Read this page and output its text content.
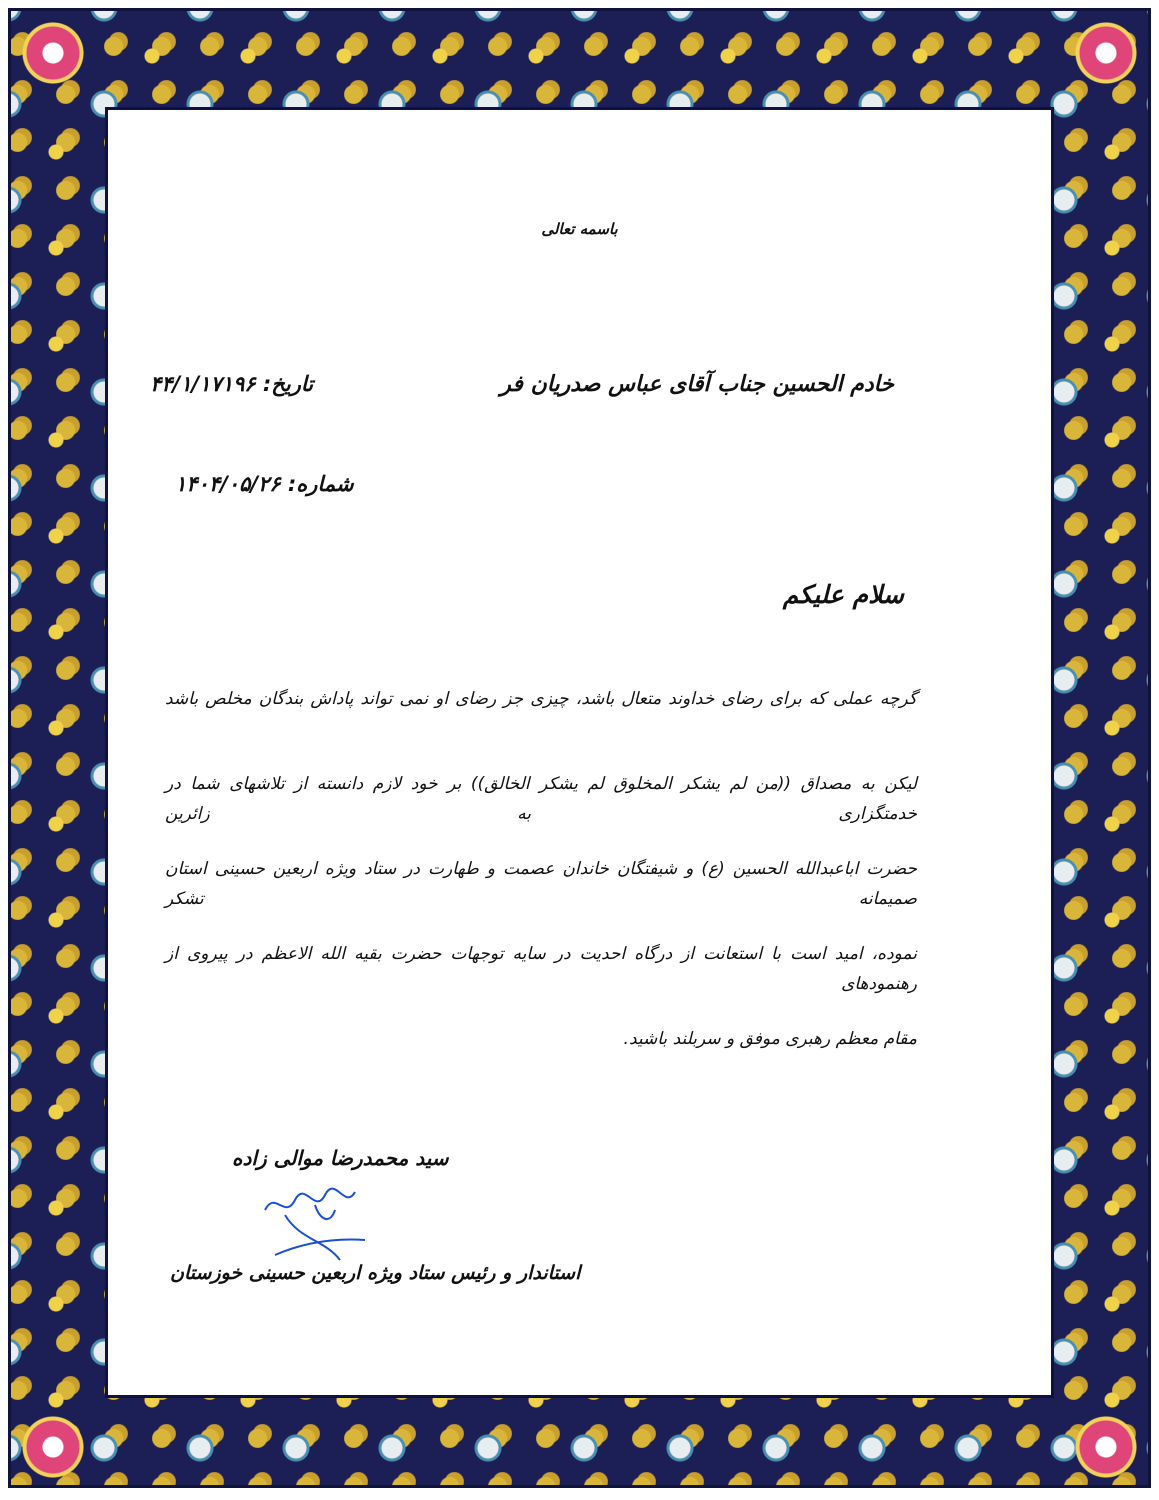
باسمه تعالی
خادم الحسین جناب آقای عباس صدریان فر
تاریخ: ۴۴/۱/۱۷۱۹۶
شماره: ۱۴۰۴/۰۵/۲۶
سلام علیکم
گرچه عملی که برای رضای خداوند متعال باشد، چیزی جز رضای او نمی تواند پاداش بندگان مخلص باشد
لیکن به مصداق ((من لم یشکر المخلوق لم یشکر الخالق)) بر خود لازم دانسته از تلاشهای شما در خدمتگزاری به زائرین
حضرت اباعبدالله الحسین (ع) و شیفتگان خاندان عصمت و طهارت در ستاد ویژه اربعین حسینی استان صمیمانه تشکر
نموده، امید است با استعانت از درگاه احدیت در سایه توجهات حضرت بقیه الله الاعظم در پیروی از رهنمودهای
مقام معظم رهبری موفق و سربلند باشید.
سید محمدرضا موالی زاده
استاندار و رئیس ستاد ویژه اربعین حسینی خوزستان
